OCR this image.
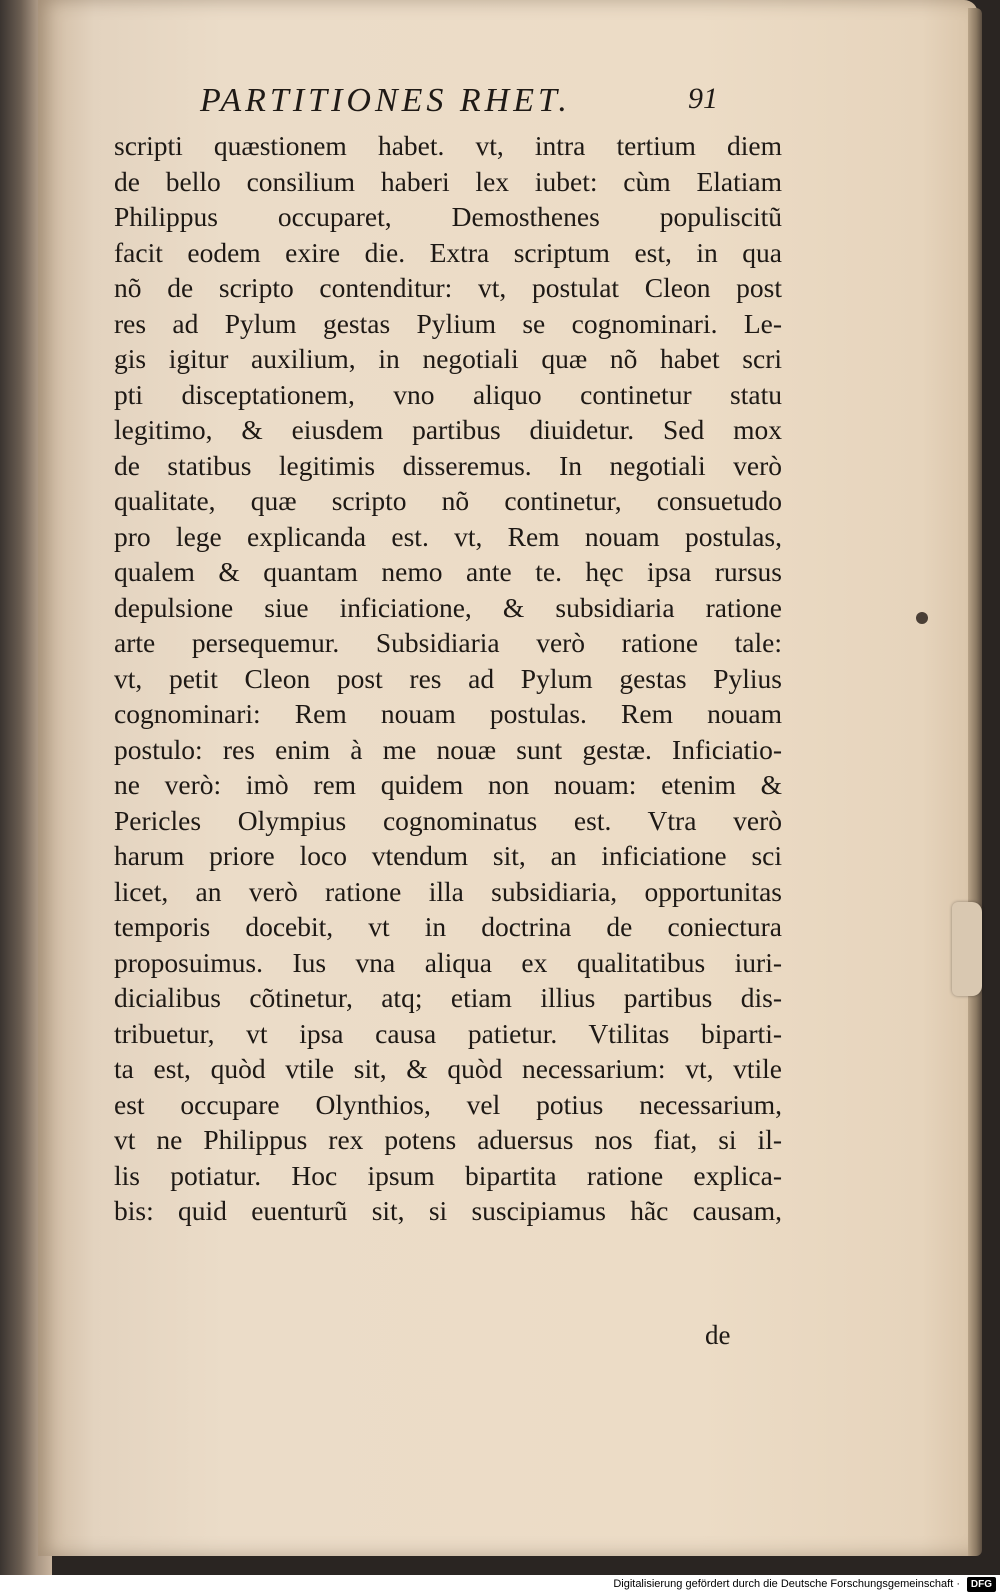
PARTITIONES RHET.	91
scripti quæstionem habet. vt, intra tertium diem
de bello consilium haberi lex iubet: cùm Elatiam
Philippus occuparet, Demosthenes populiscitũ
facit eodem exire die. Extra scriptum est, in qua
nõ de scripto contenditur: vt, postulat Cleon post
res ad Pylum gestas Pylium se cognominari. Le-
gis igitur auxilium, in negotiali quæ nõ habet scri
pti disceptationem, vno aliquo continetur statu
legitimo, & eiusdem partibus diuidetur. Sed mox
de statibus legitimis disseremus. In negotiali verò
qualitate, quæ scripto nõ continetur, consuetudo
pro lege explicanda est. vt, Rem nouam postulas,
qualem & quantam nemo ante te. hęc ipsa rursus
depulsione siue inficiatione, & subsidiaria ratione
arte persequemur. Subsidiaria verò ratione tale:
vt, petit Cleon post res ad Pylum gestas Pylius
cognominari: Rem nouam postulas. Rem nouam
postulo: res enim à me nouæ sunt gestæ. Inficiatio-
ne verò: imò rem quidem non nouam: etenim &
Pericles Olympius cognominatus est. Vtra verò
harum priore loco vtendum sit, an inficiatione sci
licet, an verò ratione illa subsidiaria, opportunitas
temporis docebit, vt in doctrina de coniectura
proposuimus. Ius vna aliqua ex qualitatibus iuri-
dicialibus cõtinetur, atq; etiam illius partibus dis-
tribuetur, vt ipsa causa patietur. Vtilitas biparti-
ta est, quòd vtile sit, & quòd necessarium: vt, vtile
est occupare Olynthios, vel potius necessarium,
vt ne Philippus rex potens aduersus nos fiat, si il-
lis potiatur. Hoc ipsum bipartita ratione explica-
bis: quid euenturũ sit, si suscipiamus hãc causam,
de
Digitalisierung gefördert durch die Deutsche Forschungsgemeinschaft ·	DFG
